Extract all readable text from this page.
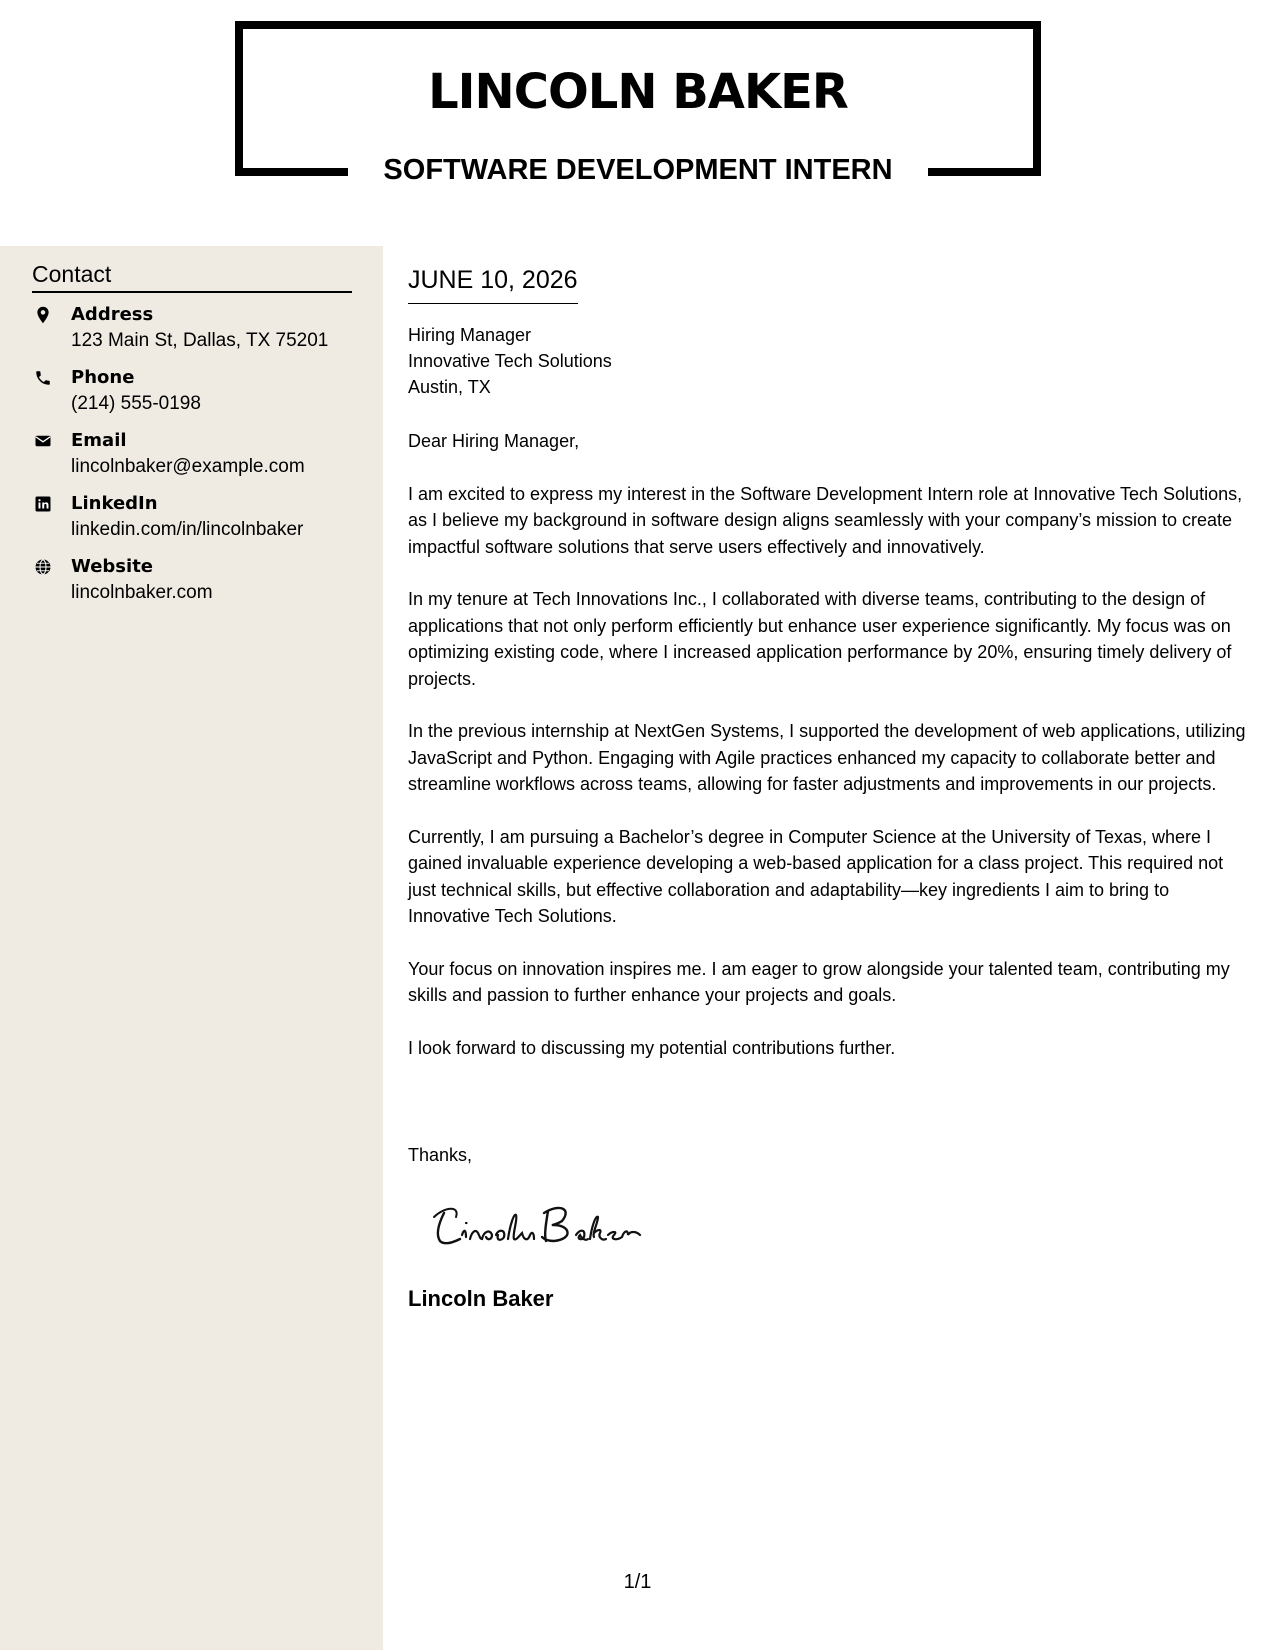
LINCOLN BAKER
SOFTWARE DEVELOPMENT INTERN
Contact
Address
123 Main St, Dallas, TX 75201
Phone
(214) 555-0198
Email
lincolnbaker@example.com
LinkedIn
linkedin.com/in/lincolnbaker
Website
lincolnbaker.com
JUNE 10, 2026
Hiring Manager
Innovative Tech Solutions
Austin, TX

Dear Hiring Manager,

I am excited to express my interest in the Software Development Intern role at Innovative Tech Solutions, as I believe my background in software design aligns seamlessly with your company’s mission to create impactful software solutions that serve users effectively and innovatively.

In my tenure at Tech Innovations Inc., I collaborated with diverse teams, contributing to the design of applications that not only perform efficiently but enhance user experience significantly. My focus was on optimizing existing code, where I increased application performance by 20%, ensuring timely delivery of projects.

In the previous internship at NextGen Systems, I supported the development of web applications, utilizing JavaScript and Python. Engaging with Agile practices enhanced my capacity to collaborate better and streamline workflows across teams, allowing for faster adjustments and improvements in our projects.

Currently, I am pursuing a Bachelor’s degree in Computer Science at the University of Texas, where I gained invaluable experience developing a web-based application for a class project. This required not just technical skills, but effective collaboration and adaptability—key ingredients I aim to bring to Innovative Tech Solutions.

Your focus on innovation inspires me. I am eager to grow alongside your talented team, contributing my skills and passion to further enhance your projects and goals.

I look forward to discussing my potential contributions further.

Thanks,
Lincoln Baker
1/1
